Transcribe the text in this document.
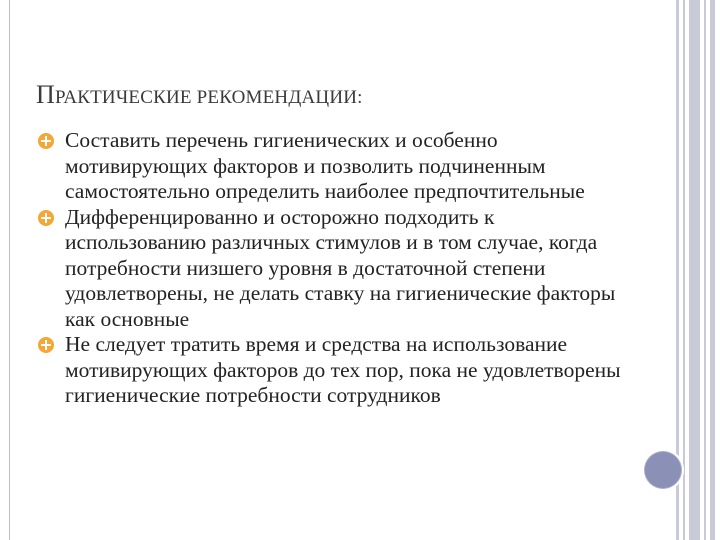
ПРАКТИЧЕСКИЕ РЕКОМЕНДАЦИИ:
Составить перечень гигиенических и особенно мотивирующих факторов и позволить подчиненным самостоятельно определить наиболее предпочтительные
Дифференцированно и осторожно подходить к использованию различных стимулов и в том случае, когда потребности низшего уровня в достаточной степени удовлетворены, не делать ставку на гигиенические факторы как основные
Не следует тратить время и средства на использование мотивирующих факторов до тех пор, пока не удовлетворены гигиенические потребности сотрудников
